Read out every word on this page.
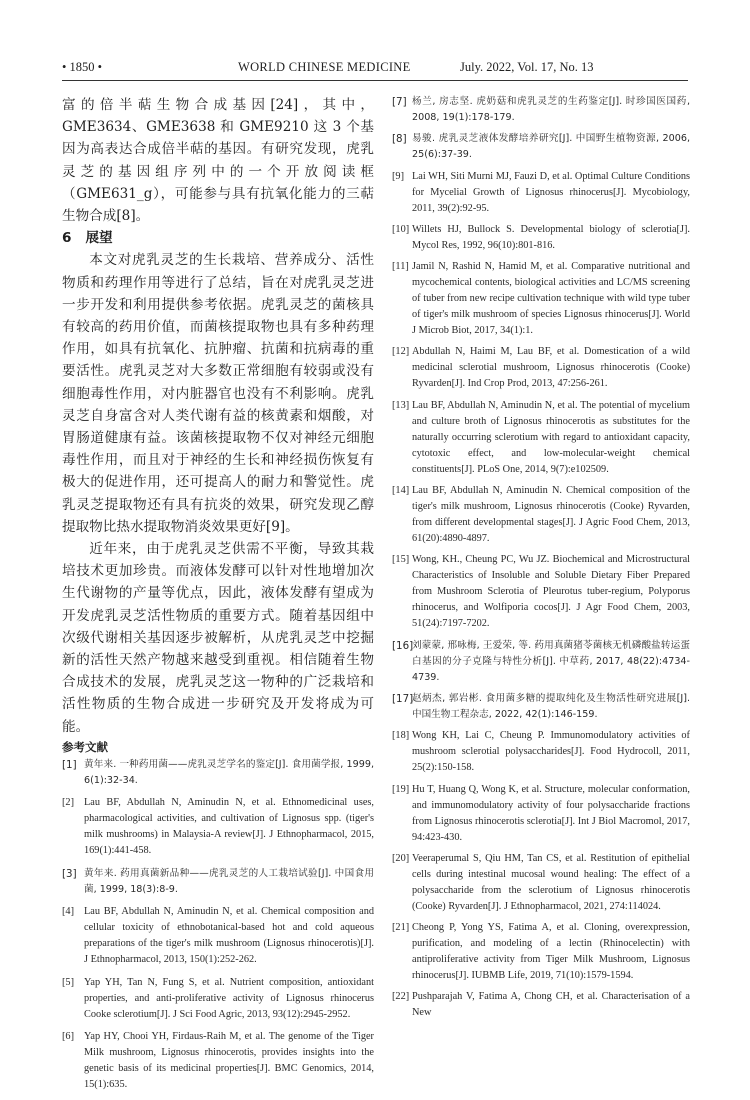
• 1850 •	WORLD CHINESE MEDICINE	July. 2022, Vol. 17, No. 13

富的倍半萜生物合成基因[24]，其中，GME3634、GME3638 和 GME9210 这 3 个基因为高表达合成倍半萜的基因。有研究发现，虎乳灵芝的基因组序列中的一个开放阅读框（GME631_g），可能参与具有抗氧化能力的三萜生物合成[8]。

6 展望

本文对虎乳灵芝的生长栽培、营养成分、活性物质和药理作用等进行了总结，旨在对虎乳灵芝进一步开发和利用提供参考依据。虎乳灵芝的菌核具有较高的药用价值，而菌核提取物也具有多种药理作用，如具有抗氧化、抗肿瘤、抗菌和抗病毒的重要活性。虎乳灵芝对大多数正常细胞有较弱或没有细胞毒性作用，对内脏器官也没有不利影响。虎乳灵芝自身富含对人类代谢有益的核黄素和烟酸，对胃肠道健康有益。该菌核提取物不仅对神经元细胞毒性作用，而且对于神经的生长和神经损伤恢复有极大的促进作用，还可提高人的耐力和警觉性。虎乳灵芝提取物还有具有抗炎的效果，研究发现乙醇提取物比热水提取物消炎效果更好[9]。

近年来，由于虎乳灵芝供需不平衡，导致其栽培技术更加珍贵。而液体发酵可以针对性地增加次生代谢物的产量等优点，因此，液体发酵有望成为开发虎乳灵芝活性物质的重要方式。随着基因组中次级代谢相关基因逐步被解析，从虎乳灵芝中挖掘新的活性天然产物越来越受到重视。相信随着生物合成技术的发展，虎乳灵芝这一物种的广泛栽培和活性物质的生物合成进一步研究及开发将成为可能。

参考文献
[1] 黄年来. 一种药用菌——虎乳灵芝学名的鉴定[J]. 食用菌学报, 1999, 6(1):32-34.
[2] Lau BF, Abdullah N, Aminudin N, et al. Ethnomedicinal uses, pharmacological activities, and cultivation of Lignosus spp. (tiger's milk mushrooms) in Malaysia-A review[J]. J Ethnopharmacol, 2015, 169(1):441-458.
[3] 黄年来. 药用真菌新品种——虎乳灵芝的人工栽培试验[J]. 中国食用菌, 1999, 18(3):8-9.
[4] Lau BF, Abdullah N, Aminudin N, et al. Chemical composition and cellular toxicity of ethnobotanical-based hot and cold aqueous preparations of the tiger's milk mushroom (Lignosus rhinocerotis)[J]. J Ethnopharmacol, 2013, 150(1):252-262.
[5] Yap YH, Tan N, Fung S, et al. Nutrient composition, antioxidant properties, and anti-proliferative activity of Lignosus rhinocerus Cooke sclerotium[J]. J Sci Food Agric, 2013, 93(12):2945-2952.
[6] Yap HY, Chooi YH, Firdaus-Raih M, et al. The genome of the Tiger Milk mushroom, Lignosus rhinocerotis, provides insights into the genetic basis of its medicinal properties[J]. BMC Genomics, 2014, 15(1):635.
[7] 杨兰, 房志坚. 虎奶菇和虎乳灵芝的生药鉴定[J]. 时珍国医国药, 2008, 19(1):178-179.
[8] 易骏. 虎乳灵芝液体发酵培养研究[J]. 中国野生植物资源, 2006, 25(6):37-39.
[9] Lai WH, Siti Murni MJ, Fauzi D, et al. Optimal Culture Conditions for Mycelial Growth of Lignosus rhinocerus[J]. Mycobiology, 2011, 39(2):92-95.
[10] Willets HJ, Bullock S. Developmental biology of sclerotia[J]. Mycol Res, 1992, 96(10):801-816.
[11] Jamil N, Rashid N, Hamid M, et al. Comparative nutritional and mycochemical contents, biological activities and LC/MS screening of tuber from new recipe cultivation technique with wild type tuber of tiger's milk mushroom of species Lignosus rhinocerus[J]. World J Microb Biot, 2017, 34(1):1.
[12] Abdullah N, Haimi M, Lau BF, et al. Domestication of a wild medicinal sclerotial mushroom, Lignosus rhinocerotis (Cooke) Ryvarden[J]. Ind Crop Prod, 2013, 47:256-261.
[13] Lau BF, Abdullah N, Aminudin N, et al. The potential of mycelium and culture broth of Lignosus rhinocerotis as substitutes for the naturally occurring sclerotium with regard to antioxidant capacity, cytotoxic effect, and low-molecular-weight chemical constituents[J]. PLoS One, 2014, 9(7):e102509.
[14] Lau BF, Abdullah N, Aminudin N. Chemical composition of the tiger's milk mushroom, Lignosus rhinocerotis (Cooke) Ryvarden, from different developmental stages[J]. J Agric Food Chem, 2013, 61(20):4890-4897.
[15] Wong, KH., Cheung PC, Wu JZ. Biochemical and Microstructural Characteristics of Insoluble and Soluble Dietary Fiber Prepared from Mushroom Sclerotia of Pleurotus tuber-regium, Polyporus rhinocerus, and Wolfiporia cocos[J]. J Agr Food Chem, 2003, 51(24):7197-7202.
[16]
刘蒙蒙, 邢咏梅, 王爱荣, 等. 药用真菌猪苓菌核无机磷酸盐转运蛋白基因的分子克隆与特性分析[J]. 中草药, 2017, 48(22):4734-4739.
[17]
赵炳杰, 郭岩彬. 食用菌多糖的提取纯化及生物活性研究进展[J]. 中国生物工程杂志, 2022, 42(1):146-159.
[18] Wong KH, Lai C, Cheung P. Immunomodulatory activities of mushroom sclerotial polysaccharides[J]. Food Hydrocoll, 2011, 25(2):150-158.
[19] Hu T, Huang Q, Wong K, et al. Structure, molecular conformation, and immunomodulatory activity of four polysaccharide fractions from Lignosus rhinocerotis sclerotia[J]. Int J Biol Macromol, 2017, 94:423-430.
[20] Veeraperumal S, Qiu HM, Tan CS, et al. Restitution of epithelial cells during intestinal mucosal wound healing: The effect of a polysaccharide from the sclerotium of Lignosus rhinocerotis (Cooke) Ryvarden[J]. J Ethnopharmacol, 2021, 274:114024.
[21] Cheong P, Yong YS, Fatima A, et al. Cloning, overexpression, purification, and modeling of a lectin (Rhinocelectin) with antiproliferative activity from Tiger Milk Mushroom, Lignosus rhinocerus[J]. IUBMB Life, 2019, 71(10):1579-1594.
[22] Pushparajah V, Fatima A, Chong CH, et al. Characterisation of a New
